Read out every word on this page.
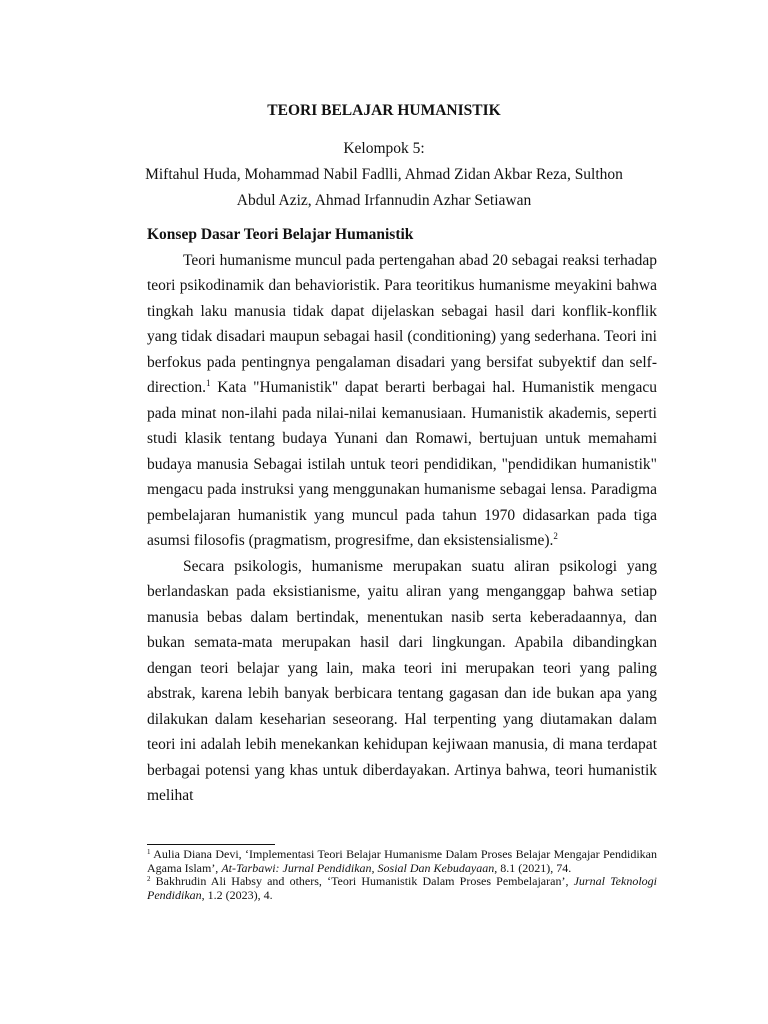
TEORI BELAJAR HUMANISTIK
Kelompok 5:
Miftahul Huda, Mohammad Nabil Fadlli, Ahmad Zidan Akbar Reza, Sulthon
Abdul Aziz, Ahmad Irfannudin Azhar Setiawan
Konsep Dasar Teori Belajar Humanistik

Teori humanisme muncul pada pertengahan abad 20 sebagai reaksi terhadap teori psikodinamik dan behavioristik. Para teoritikus humanisme meyakini bahwa tingkah laku manusia tidak dapat dijelaskan sebagai hasil dari konflik-konflik yang tidak disadari maupun sebagai hasil (conditioning) yang sederhana. Teori ini berfokus pada pentingnya pengalaman disadari yang bersifat subyektif dan self-direction.$^1$ Kata "Humanistik" dapat berarti berbagai hal. Humanistik mengacu pada minat non-ilahi pada nilai-nilai kemanusiaan. Humanistik akademis, seperti studi klasik tentang budaya Yunani dan Romawi, bertujuan untuk memahami budaya manusia Sebagai istilah untuk teori pendidikan, "pendidikan humanistik" mengacu pada instruksi yang menggunakan humanisme sebagai lensa. Paradigma pembelajaran humanistik yang muncul pada tahun 1970 didasarkan pada tiga asumsi filosofis (pragmatism, progresifme, dan eksistensialisme).$^2$

Secara psikologis, humanisme merupakan suatu aliran psikologi yang berlandaskan pada eksistianisme, yaitu aliran yang menganggap bahwa setiap manusia bebas dalam bertindak, menentukan nasib serta keberadaannya, dan bukan semata-mata merupakan hasil dari lingkungan. Apabila dibandingkan dengan teori belajar yang lain, maka teori ini merupakan teori yang paling abstrak, karena lebih banyak berbicara tentang gagasan dan ide bukan apa yang dilakukan dalam keseharian seseorang. Hal terpenting yang diutamakan dalam teori ini adalah lebih menekankan kehidupan kejiwaan manusia, di mana terdapat berbagai potensi yang khas untuk diberdayakan. Artinya bahwa, teori humanistik melihat

$^1$ Aulia Diana Devi, ‘Implementasi Teori Belajar Humanisme Dalam Proses Belajar Mengajar Pendidikan Agama Islam’, At-Tarbawi: Jurnal Pendidikan, Sosial Dan Kebudayaan, 8.1 (2021), 74.

$^2$ Bakhrudin Ali Habsy and others, ‘Teori Humanistik Dalam Proses Pembelajaran’, Jurnal Teknologi Pendidikan, 1.2 (2023), 4.
